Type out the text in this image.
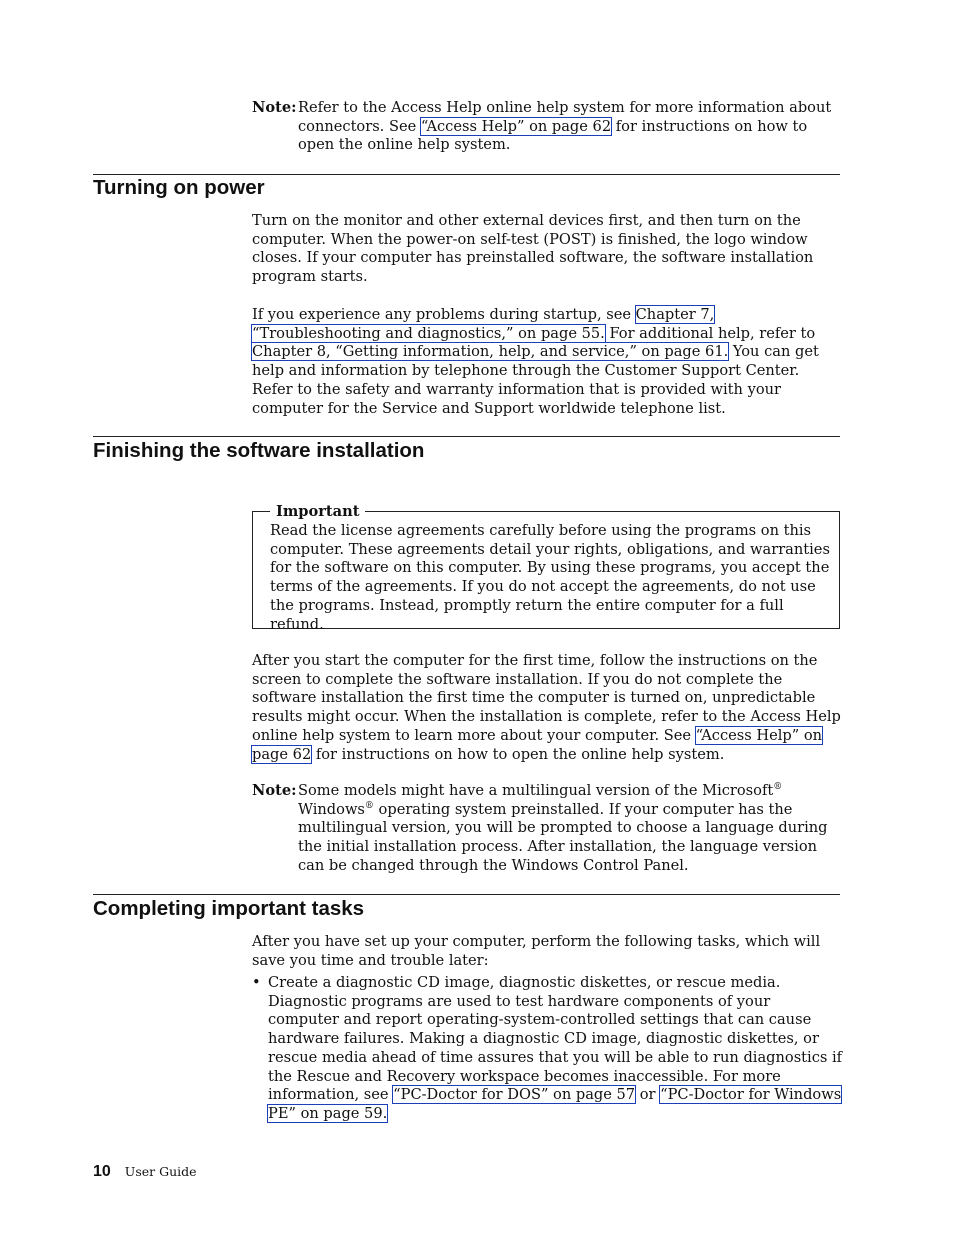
Note: Refer to the Access Help online help system for more information about connectors. See “Access Help” on page 62 for instructions on how to open the online help system.
Turning on power
Turn on the monitor and other external devices first, and then turn on the computer. When the power-on self-test (POST) is finished, the logo window closes. If your computer has preinstalled software, the software installation program starts.
If you experience any problems during startup, see Chapter 7, “Troubleshooting and diagnostics,” on page 55. For additional help, refer to Chapter 8, “Getting information, help, and service,” on page 61. You can get help and information by telephone through the Customer Support Center. Refer to the safety and warranty information that is provided with your computer for the Service and Support worldwide telephone list.
Finishing the software installation
Important
Read the license agreements carefully before using the programs on this computer. These agreements detail your rights, obligations, and warranties for the software on this computer. By using these programs, you accept the terms of the agreements. If you do not accept the agreements, do not use the programs. Instead, promptly return the entire computer for a full refund.
After you start the computer for the first time, follow the instructions on the screen to complete the software installation. If you do not complete the software installation the first time the computer is turned on, unpredictable results might occur. When the installation is complete, refer to the Access Help online help system to learn more about your computer. See “Access Help” on page 62 for instructions on how to open the online help system.
Note: Some models might have a multilingual version of the Microsoft® Windows® operating system preinstalled. If your computer has the multilingual version, you will be prompted to choose a language during the initial installation process. After installation, the language version can be changed through the Windows Control Panel.
Completing important tasks
After you have set up your computer, perform the following tasks, which will save you time and trouble later:
• Create a diagnostic CD image, diagnostic diskettes, or rescue media. Diagnostic programs are used to test hardware components of your computer and report operating-system-controlled settings that can cause hardware failures. Making a diagnostic CD image, diagnostic diskettes, or rescue media ahead of time assures that you will be able to run diagnostics if the Rescue and Recovery workspace becomes inaccessible. For more information, see “PC-Doctor for DOS” on page 57 or “PC-Doctor for Windows PE” on page 59.
10 User Guide
